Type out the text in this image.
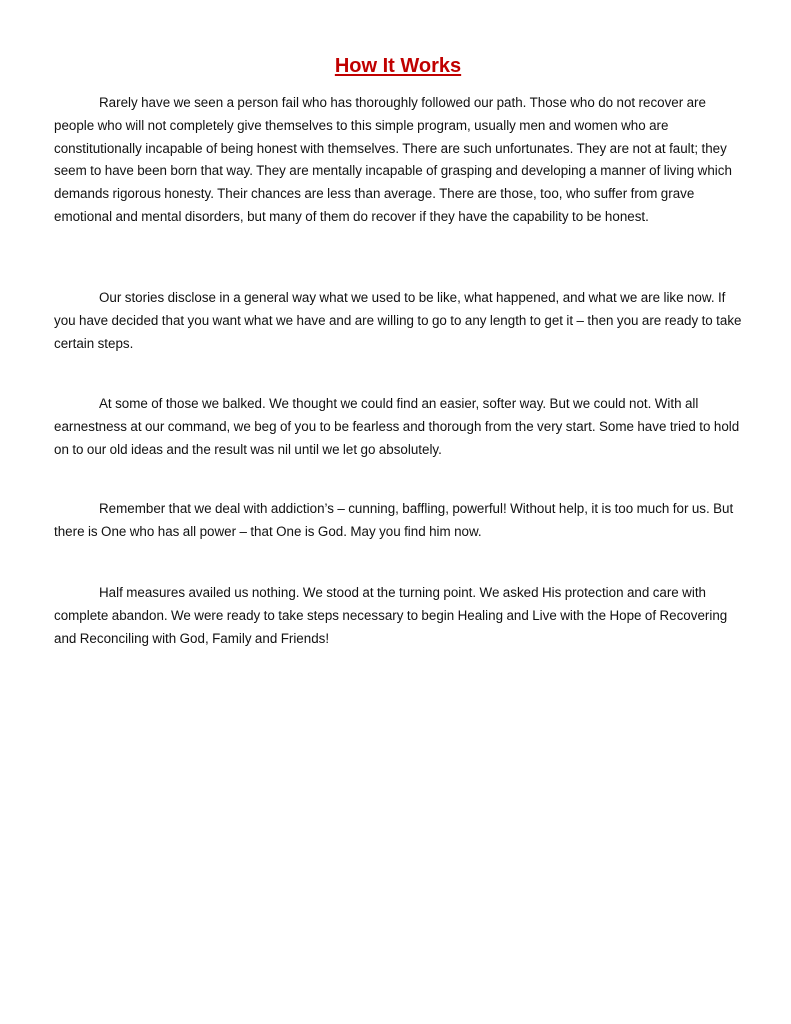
How It Works

Rarely have we seen a person fail who has thoroughly followed our path. Those who do not recover are people who will not completely give themselves to this simple program, usually men and women who are constitutionally incapable of being honest with themselves. There are such unfortunates. They are not at fault; they seem to have been born that way. They are mentally incapable of grasping and developing a manner of living which demands rigorous honesty. Their chances are less than average. There are those, too, who suffer from grave emotional and mental disorders, but many of them do recover if they have the capability to be honest.

Our stories disclose in a general way what we used to be like, what happened, and what we are like now. If you have decided that you want what we have and are willing to go to any length to get it – then you are ready to take certain steps.

At some of those we balked. We thought we could find an easier, softer way. But we could not. With all earnestness at our command, we beg of you to be fearless and thorough from the very start. Some have tried to hold on to our old ideas and the result was nil until we let go absolutely.

Remember that we deal with addiction’s – cunning, baffling, powerful! Without help, it is too much for us. But there is One who has all power – that One is God. May you find him now.

Half measures availed us nothing. We stood at the turning point. We asked His protection and care with complete abandon. We were ready to take steps necessary to begin Healing and Live with the Hope of Recovering and Reconciling with God, Family and Friends!
